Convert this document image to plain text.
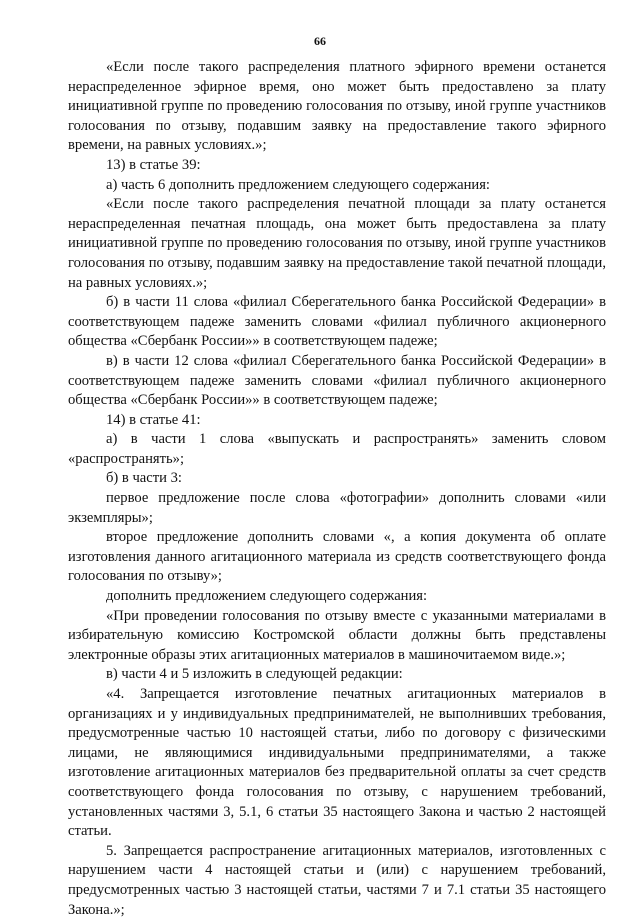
66

«Если после такого распределения платного эфирного времени останется нераспределенное эфирное время, оно может быть предоставлено за плату инициативной группе по проведению голосования по отзыву, иной группе участников голосования по отзыву, подавшим заявку на предоставление такого эфирного времени, на равных условиях.»;

13) в статье 39:

а) часть 6 дополнить предложением следующего содержания:

«Если после такого распределения печатной площади за плату останется нераспределенная печатная площадь, она может быть предоставлена за плату инициативной группе по проведению голосования по отзыву, иной группе участников голосования по отзыву, подавшим заявку на предоставление такой печатной площади, на равных условиях.»;

б) в части 11 слова «филиал Сберегательного банка Российской Федерации» в соответствующем падеже заменить словами «филиал публичного акционерного общества «Сбербанк России»» в соответствующем падеже;

в) в части 12 слова «филиал Сберегательного банка Российской Федерации» в соответствующем падеже заменить словами «филиал публичного акционерного общества «Сбербанк России»» в соответствующем падеже;

14) в статье 41:

а) в части 1 слова «выпускать и распространять» заменить словом «распространять»;

б) в части 3:

первое предложение после слова «фотографии» дополнить словами «или экземпляры»;

второе предложение дополнить словами «, а копия документа об оплате изготовления данного агитационного материала из средств соответствующего фонда голосования по отзыву»;

дополнить предложением следующего содержания:

«При проведении голосования по отзыву вместе с указанными материалами в избирательную комиссию Костромской области должны быть представлены электронные образы этих агитационных материалов в машиночитаемом виде.»;

в) части 4 и 5 изложить в следующей редакции:

«4. Запрещается изготовление печатных агитационных материалов в организациях и у индивидуальных предпринимателей, не выполнивших требования, предусмотренные частью 10 настоящей статьи, либо по договору с физическими лицами, не являющимися индивидуальными предпринимателями, а также изготовление агитационных материалов без предварительной оплаты за счет средств соответствующего фонда голосования по отзыву, с нарушением требований, установленных частями 3, 5.1, 6 статьи 35 настоящего Закона и частью 2 настоящей статьи.

5. Запрещается распространение агитационных материалов, изготовленных с нарушением части 4 настоящей статьи и (или) с нарушением требований, предусмотренных частью 3 настоящей статьи, частями 7 и 7.1 статьи 35 настоящего Закона.»;
